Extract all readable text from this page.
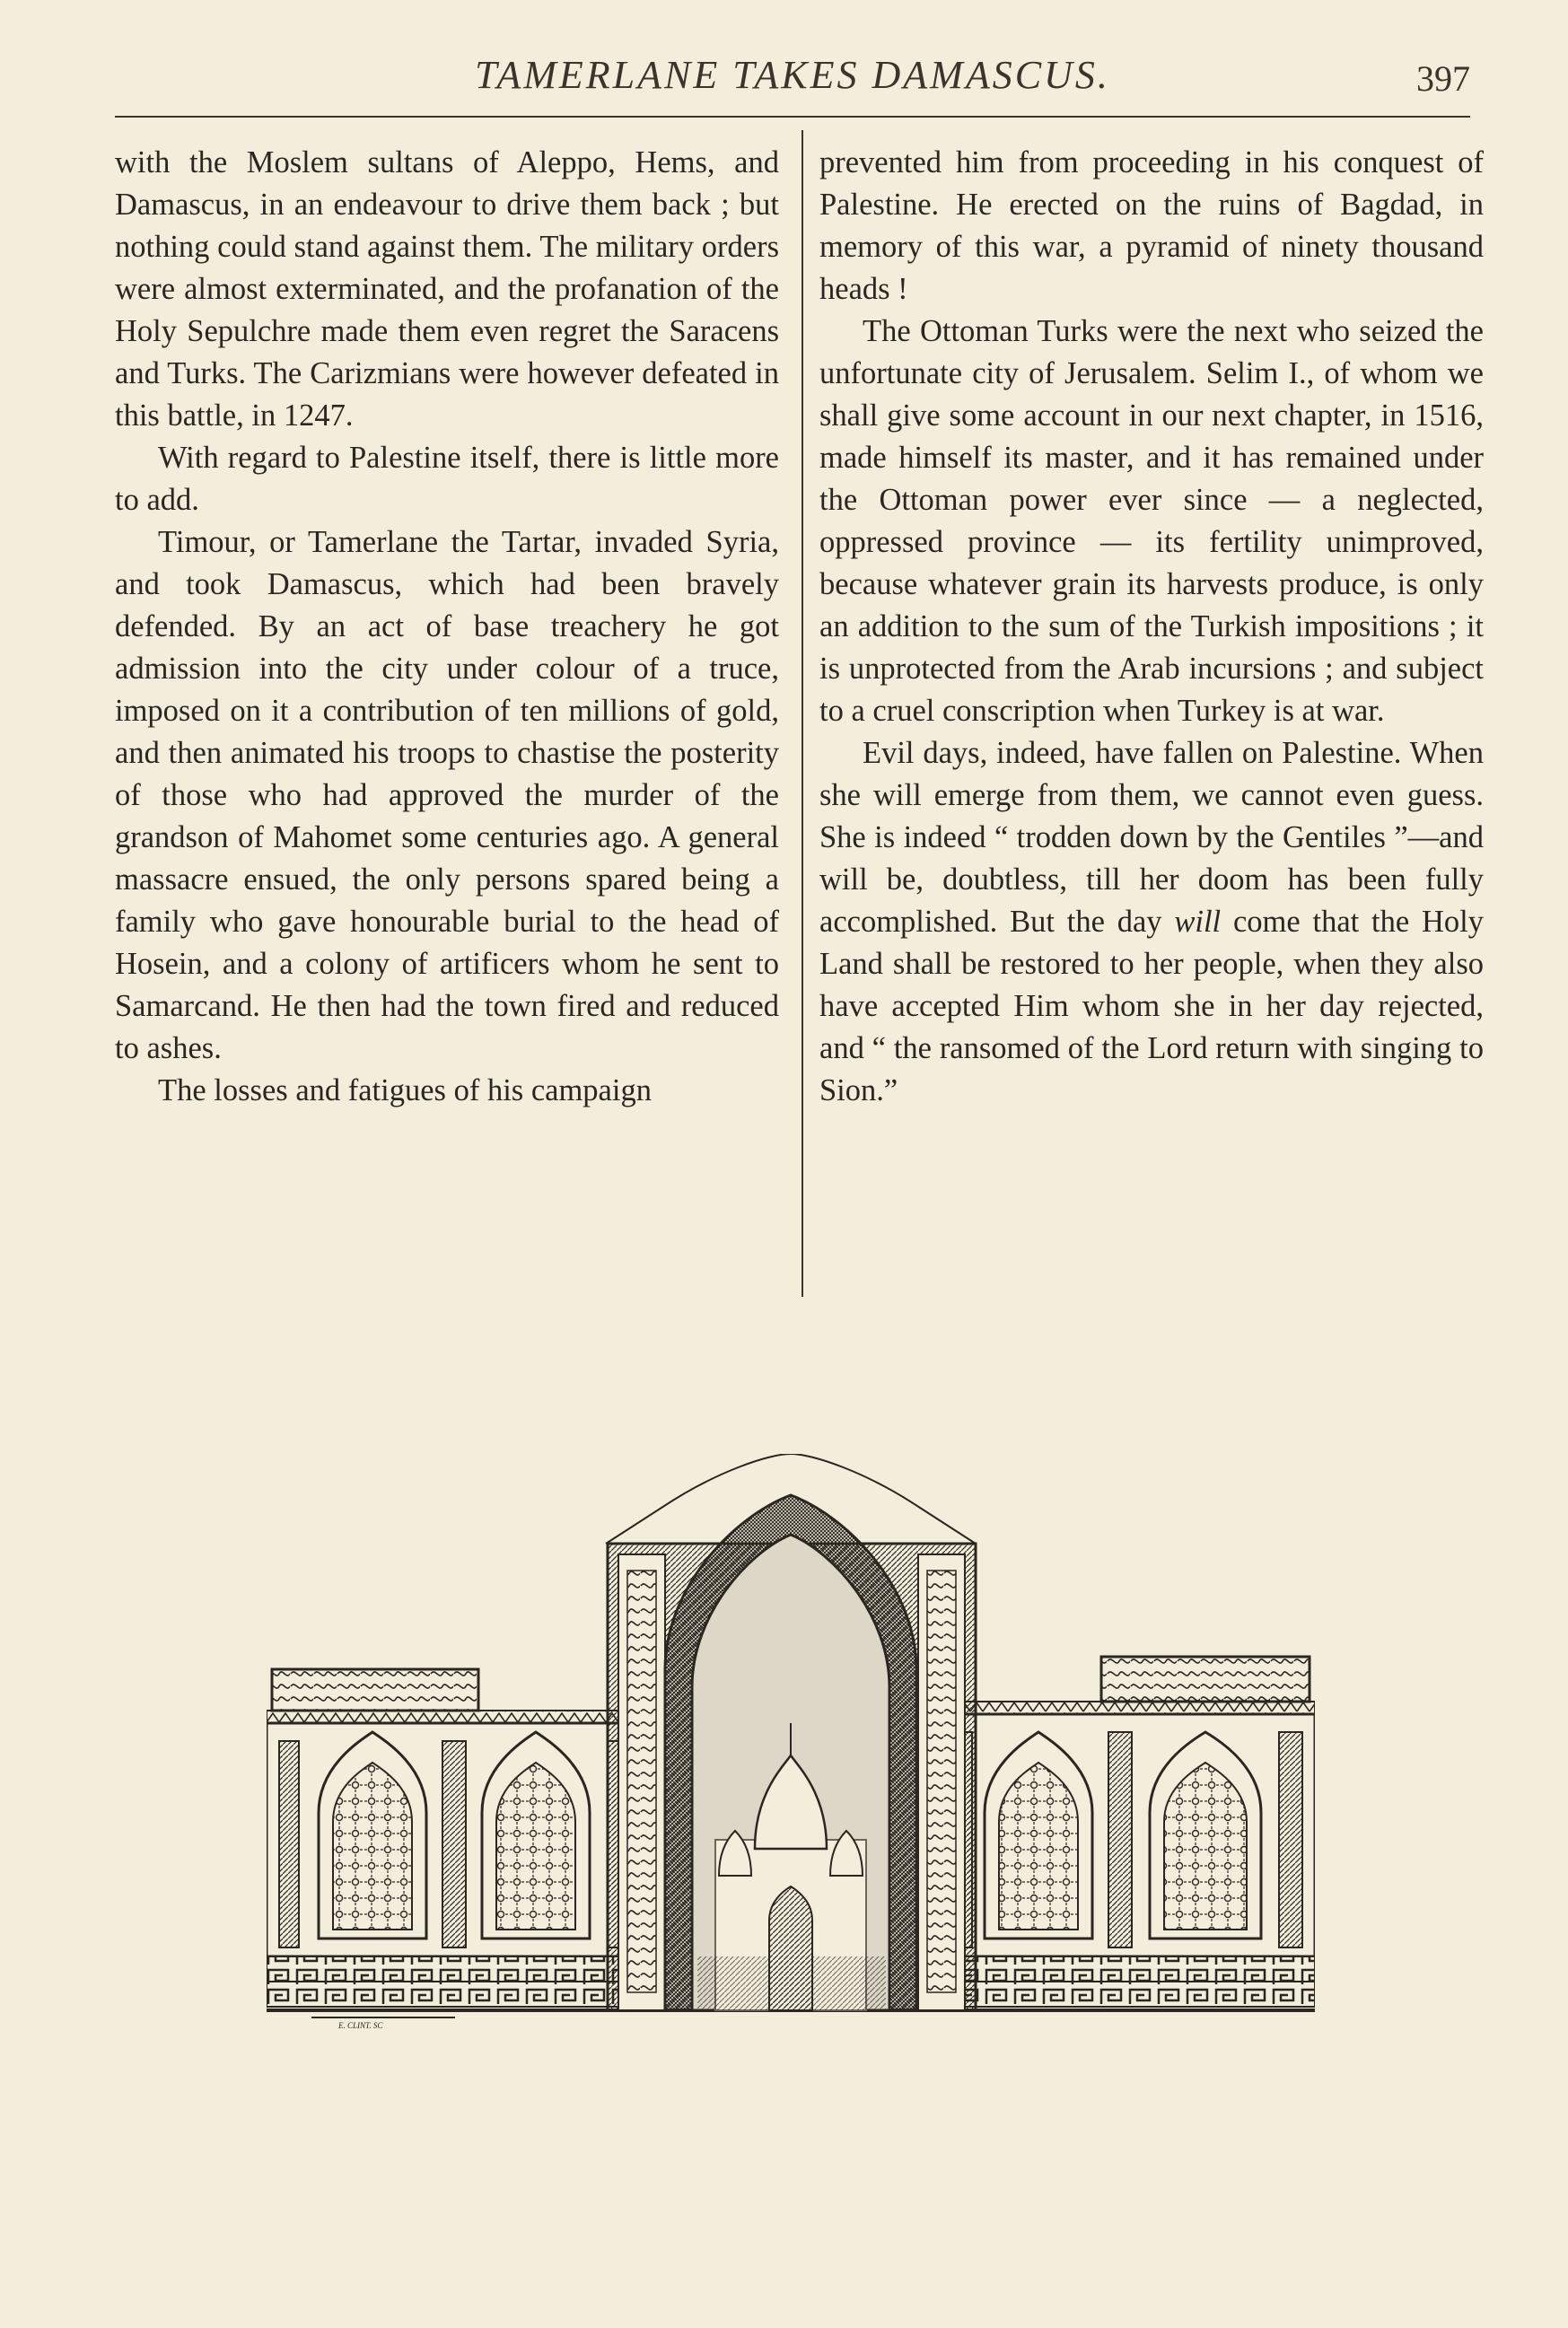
TAMERLANE TAKES DAMASCUS.	397

with the Moslem sultans of Aleppo, Hems, and Damascus, in an endeavour to drive them back ; but nothing could stand against them. The military orders were almost exterminated, and the profanation of the Holy Sepulchre made them even regret the Saracens and Turks. The Carizmians were however defeated in this battle, in 1247.

With regard to Palestine itself, there is little more to add.

Timour, or Tamerlane the Tartar, invaded Syria, and took Damascus, which had been bravely defended. By an act of base treachery he got admission into the city under colour of a truce, imposed on it a contribution of ten millions of gold, and then animated his troops to chastise the posterity of those who had approved the murder of the grandson of Mahomet some centuries ago. A general massacre ensued, the only persons spared being a family who gave honourable burial to the head of Hosein, and a colony of artificers whom he sent to Samarcand. He then had the town fired and reduced to ashes.

The losses and fatigues of his campaign

prevented him from proceeding in his conquest of Palestine. He erected on the ruins of Bagdad, in memory of this war, a pyramid of ninety thousand heads !

The Ottoman Turks were the next who seized the unfortunate city of Jerusalem. Selim I., of whom we shall give some account in our next chapter, in 1516, made himself its master, and it has remained under the Ottoman power ever since — a neglected, oppressed province — its fertility unimproved, because whatever grain its harvests produce, is only an addition to the sum of the Turkish impositions ; it is unprotected from the Arab incursions ; and subject to a cruel conscription when Turkey is at war.

Evil days, indeed, have fallen on Palestine. When she will emerge from them, we cannot even guess. She is indeed “ trodden down by the Gentiles ”—and will be, doubtless, till her doom has been fully accomplished. But the day will come that the Holy Land shall be restored to her people, when they also have accepted Him whom she in her day rejected, and “ the ransomed of the Lord return with singing to Sion.”

E. CLINT. SC
